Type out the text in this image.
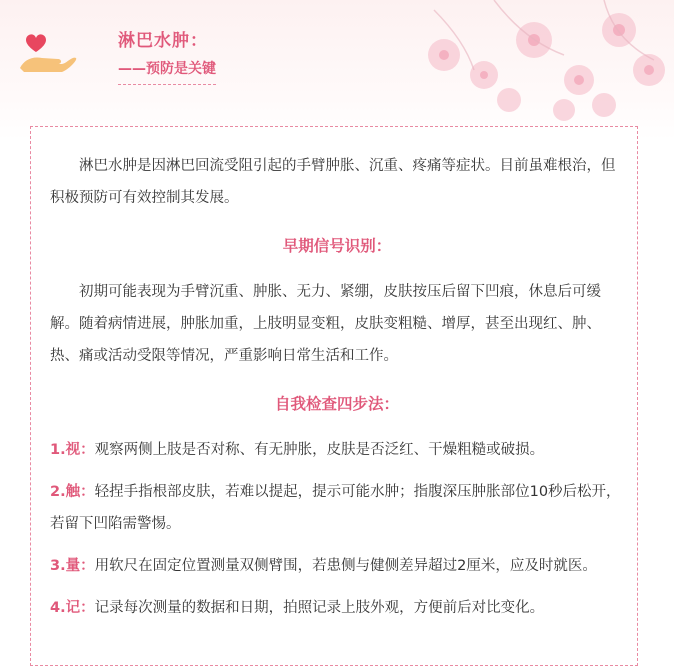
淋巴水肿：
——预防是关键

淋巴水肿是因淋巴回流受阻引起的手臂肿胀、沉重、疼痛等症状。目前虽难根治，但积极预防可有效控制其发展。

早期信号识别：

初期可能表现为手臂沉重、肿胀、无力、紧绷，皮肤按压后留下凹痕，休息后可缓解。随着病情进展，肿胀加重，上肢明显变粗，皮肤变粗糙、增厚，甚至出现红、肿、热、痛或活动受限等情况，严重影响日常生活和工作。

自我检查四步法：

1.视：观察两侧上肢是否对称、有无肿胀，皮肤是否泛红、干燥粗糙或破损。

2.触：轻捏手指根部皮肤，若难以提起，提示可能水肿；指腹深压肿胀部位10秒后松开，若留下凹陷需警惕。

3.量：用软尺在固定位置测量双侧臂围，若患侧与健侧差异超过2厘米，应及时就医。

4.记：记录每次测量的数据和日期，拍照记录上肢外观，方便前后对比变化。
